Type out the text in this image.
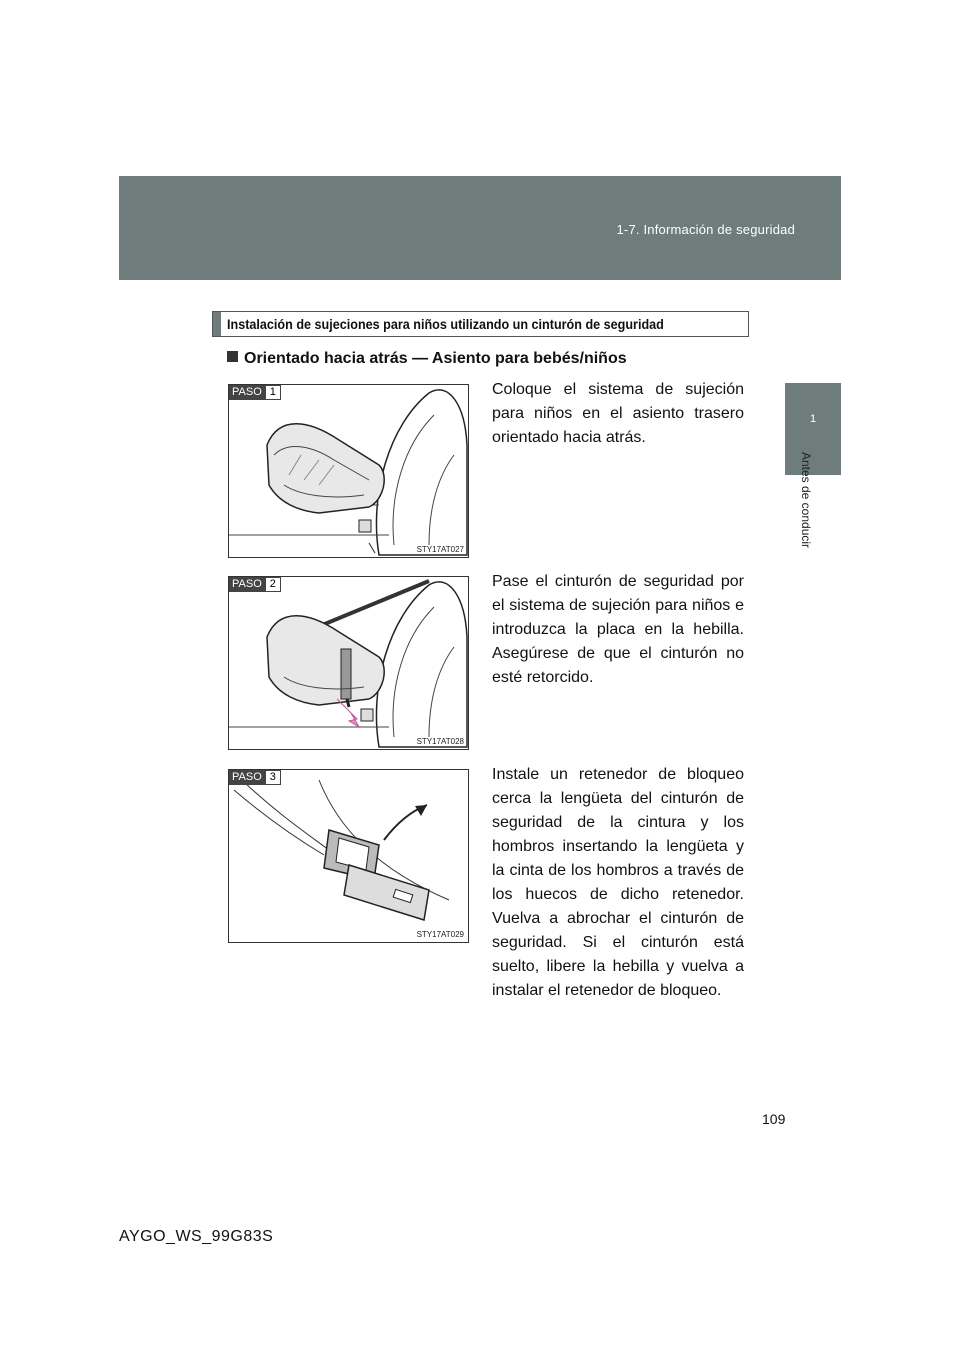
1-7. Información de seguridad
1
Antes de conducir
Instalación de sujeciones para niños utilizando un cinturón de seguridad
Orientado hacia atrás — Asiento para bebés/niños
PASO 1
STY17AT027
PASO 2
STY17AT028
PASO 3
STY17AT029
Coloque el sistema de sujeción para niños en el asiento trasero orientado hacia atrás.
Pase el cinturón de seguridad por el sistema de sujeción para niños e introduzca la placa en la hebilla. Asegúrese de que el cinturón no esté retorcido.
Instale un retenedor de bloqueo cerca la lengüeta del cinturón de seguridad de la cintura y los hombros insertando la lengüeta y la cinta de los hombros a través de los huecos de dicho retenedor. Vuelva a abrochar el cinturón de seguridad. Si el cinturón está suelto, libere la hebilla y vuelva a instalar el retenedor de bloqueo.
109
AYGO_WS_99G83S
